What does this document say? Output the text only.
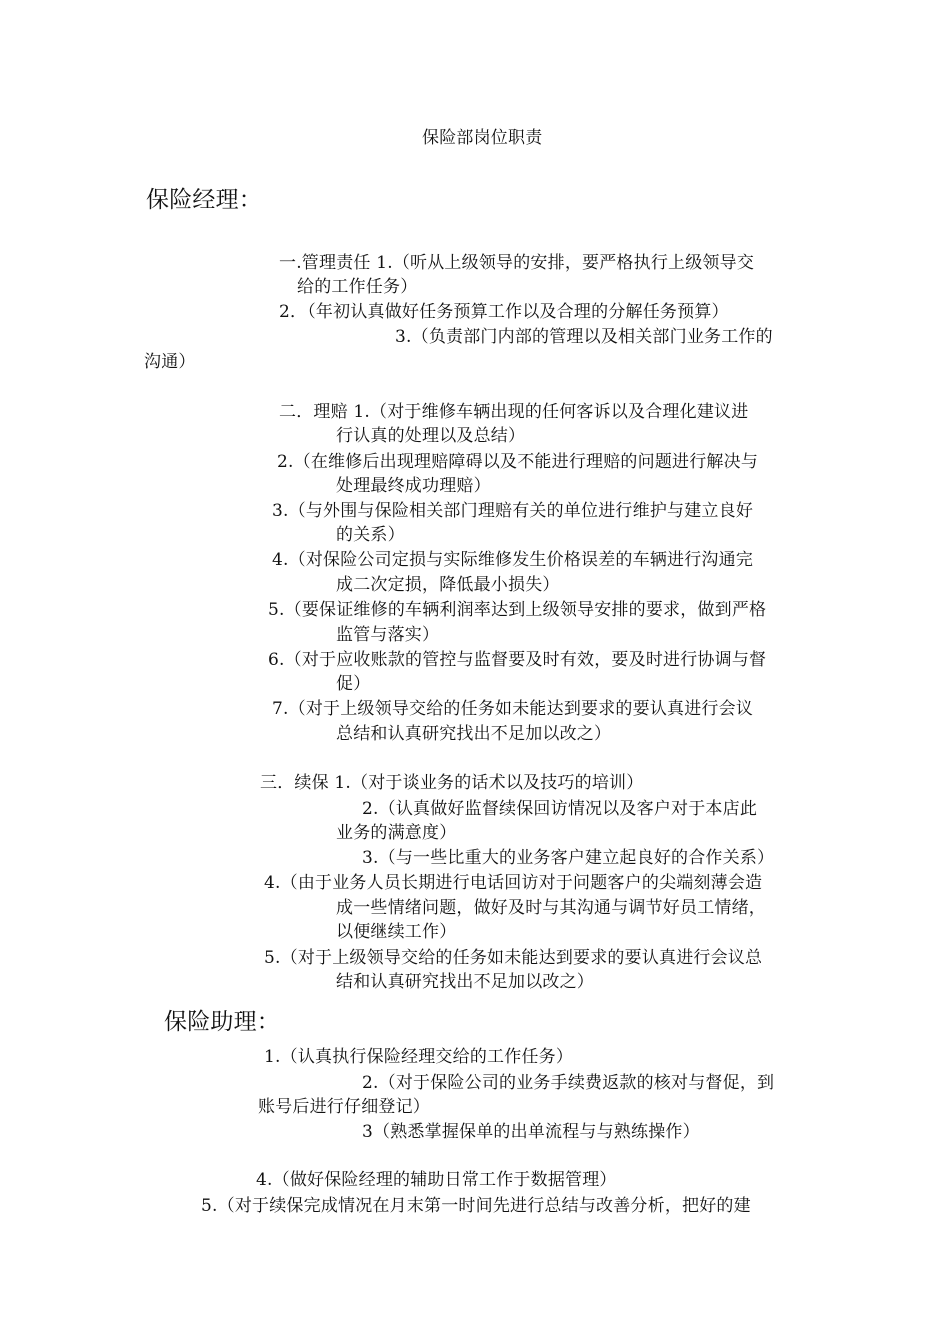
保险部岗位职责
保险经理：
一.管理责任 1.（听从上级领导的安排，要严格执行上级领导交
给的工作任务）
2．（年初认真做好任务预算工作以及合理的分解任务预算）
3.（负责部门内部的管理以及相关部门业务工作的
沟通）
二．理赔 1.（对于维修车辆出现的任何客诉以及合理化建议进
行认真的处理以及总结）
2.（在维修后出现理赔障碍以及不能进行理赔的问题进行解决与
处理最终成功理赔）
3.（与外围与保险相关部门理赔有关的单位进行维护与建立良好
的关系）
4.（对保险公司定损与实际维修发生价格误差的车辆进行沟通完
成二次定损，降低最小损失）
5.（要保证维修的车辆利润率达到上级领导安排的要求，做到严格
监管与落实）
6.（对于应收账款的管控与监督要及时有效，要及时进行协调与督
促）
7.（对于上级领导交给的任务如未能达到要求的要认真进行会议
总结和认真研究找出不足加以改之）
三．续保 1.（对于谈业务的话术以及技巧的培训）
2.（认真做好监督续保回访情况以及客户对于本店此
业务的满意度）
3.（与一些比重大的业务客户建立起良好的合作关系）
4.（由于业务人员长期进行电话回访对于问题客户的尖端刻薄会造
成一些情绪问题，做好及时与其沟通与调节好员工情绪，
以便继续工作）
5.（对于上级领导交给的任务如未能达到要求的要认真进行会议总
结和认真研究找出不足加以改之）
保险助理：
1.（认真执行保险经理交给的工作任务）
2.（对于保险公司的业务手续费返款的核对与督促，到
账号后进行仔细登记）
3（熟悉掌握保单的出单流程与与熟练操作）
4.（做好保险经理的辅助日常工作于数据管理）
5.（对于续保完成情况在月末第一时间先进行总结与改善分析，把好的建
